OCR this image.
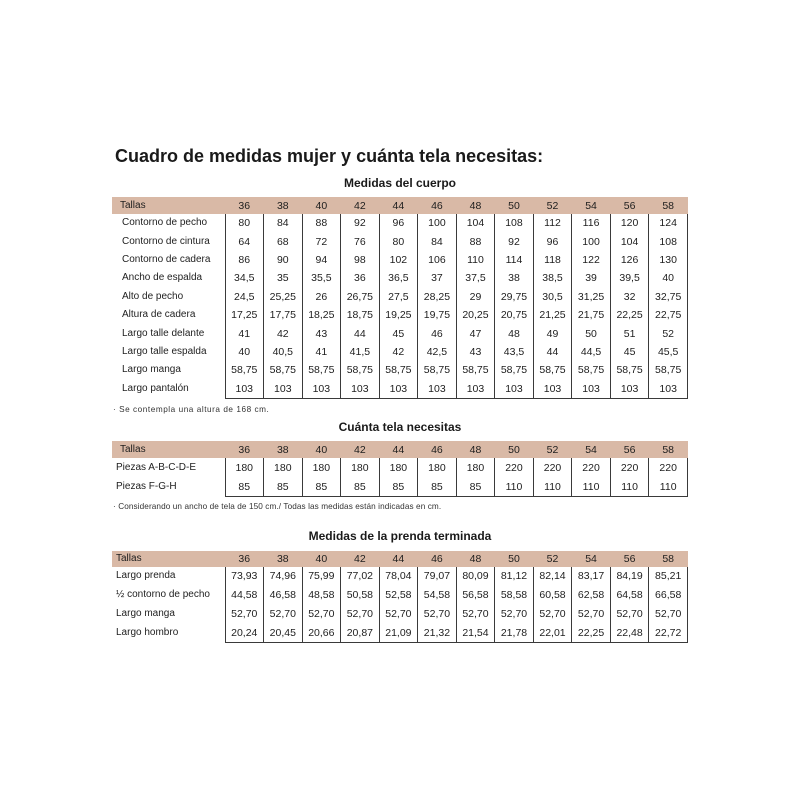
Cuadro de medidas mujer y cuánta tela necesitas:
Medidas del cuerpo
Tallas	36	38	40	42	44	46	48	50	52	54	56	58
Contorno de pecho	80	84	88	92	96	100	104	108	112	116	120	124
Contorno de cintura	64	68	72	76	80	84	88	92	96	100	104	108
Contorno de cadera	86	90	94	98	102	106	110	114	118	122	126	130
Ancho de espalda	34,5	35	35,5	36	36,5	37	37,5	38	38,5	39	39,5	40
Alto de pecho	24,5	25,25	26	26,75	27,5	28,25	29	29,75	30,5	31,25	32	32,75
Altura de cadera	17,25	17,75	18,25	18,75	19,25	19,75	20,25	20,75	21,25	21,75	22,25	22,75
Largo talle delante	41	42	43	44	45	46	47	48	49	50	51	52
Largo talle espalda	40	40,5	41	41,5	42	42,5	43	43,5	44	44,5	45	45,5
Largo manga	58,75	58,75	58,75	58,75	58,75	58,75	58,75	58,75	58,75	58,75	58,75	58,75
Largo pantalón	103	103	103	103	103	103	103	103	103	103	103	103

· Se contempla una altura de 168 cm.

Cuánta tela necesitas
Tallas	36	38	40	42	44	46	48	50	52	54	56	58
Piezas A-B-C-D-E	180	180	180	180	180	180	180	220	220	220	220	220
Piezas F-G-H	85	85	85	85	85	85	85	110	110	110	110	110

· Considerando un ancho de tela de 150 cm./ Todas las medidas están indicadas en cm.

Medidas de la prenda terminada
Tallas	36	38	40	42	44	46	48	50	52	54	56	58
Largo prenda	73,93	74,96	75,99	77,02	78,04	79,07	80,09	81,12	82,14	83,17	84,19	85,21
½ contorno de pecho	44,58	46,58	48,58	50,58	52,58	54,58	56,58	58,58	60,58	62,58	64,58	66,58
Largo manga	52,70	52,70	52,70	52,70	52,70	52,70	52,70	52,70	52,70	52,70	52,70	52,70
Largo hombro	20,24	20,45	20,66	20,87	21,09	21,32	21,54	21,78	22,01	22,25	22,48	22,72
